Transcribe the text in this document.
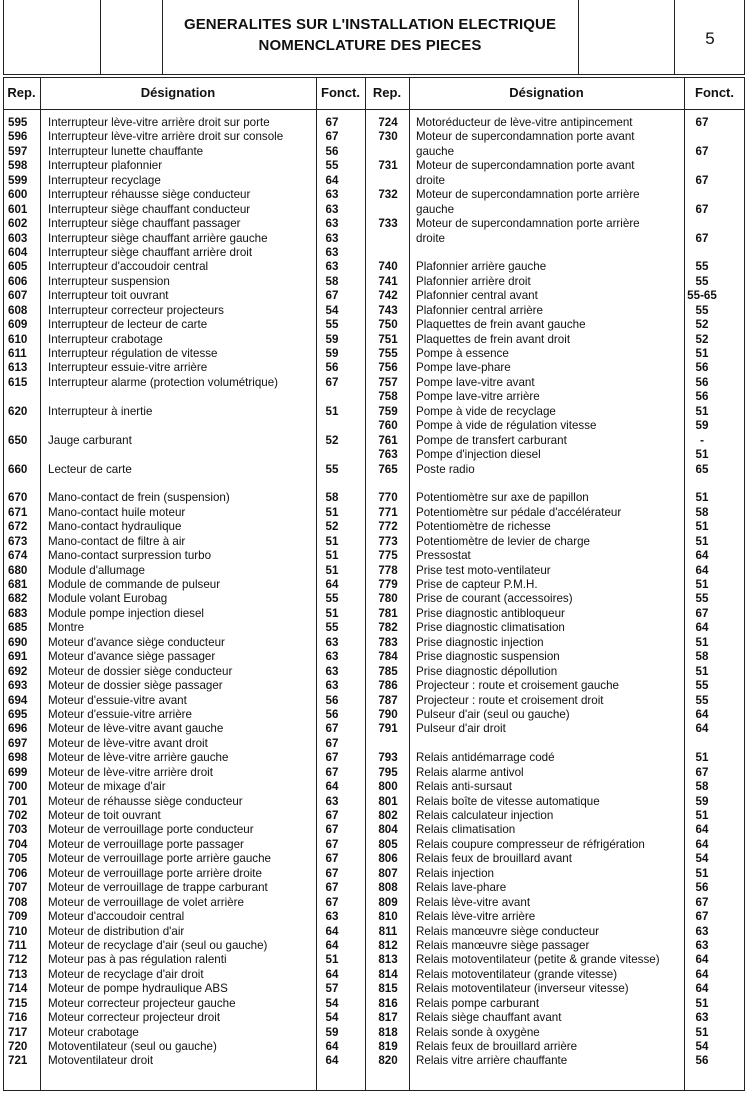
GENERALITES SUR L'INSTALLATION ELECTRIQUE
NOMENCLATURE DES PIECES	5
Rep.	Désignation	Fonct. Rep.	Désignation	Fonct.
595	Interrupteur lève-vitre arrière droit sur porte	67
596	Interrupteur lève-vitre arrière droit sur console	67
597	Interrupteur lunette chauffante	56
598	Interrupteur plafonnier	55
599	Interrupteur recyclage	64
600	Interrupteur réhausse siège conducteur	63
601	Interrupteur siège chauffant conducteur	63
602	Interrupteur siège chauffant passager	63
603	Interrupteur siège chauffant arrière gauche	63
604	Interrupteur siège chauffant arrière droit	63
605	Interrupteur d'accoudoir central	63
606	Interrupteur suspension	58
607	Interrupteur toit ouvrant	67
608	Interrupteur correcteur projecteurs	54
609	Interrupteur de lecteur de carte	55
610	Interrupteur crabotage	59
611	Interrupteur régulation de vitesse	59
613	Interrupteur essuie-vitre arrière	56
615	Interrupteur alarme (protection volumétrique)	67
620	Interrupteur à inertie	51
650	Jauge carburant	52
660	Lecteur de carte	55
670	Mano-contact de frein (suspension)	58
671	Mano-contact huile moteur	51
672	Mano-contact hydraulique	52
673	Mano-contact de filtre à air	51
674	Mano-contact surpression turbo	51
680	Module d'allumage	51
681	Module de commande de pulseur	64
682	Module volant Eurobag	55
683	Module pompe injection diesel	51
685	Montre	55
690	Moteur d'avance siège conducteur	63
691	Moteur d'avance siège passager	63
692	Moteur de dossier siège conducteur	63
693	Moteur de dossier siège passager	63
694	Moteur d'essuie-vitre avant	56
695	Moteur d'essuie-vitre arrière	56
696	Moteur de lève-vitre avant gauche	67
697	Moteur de lève-vitre avant droit	67
698	Moteur de lève-vitre arrière gauche	67
699	Moteur de lève-vitre arrière droit	67
700	Moteur de mixage d'air	64
701	Moteur de réhausse siège conducteur	63
702	Moteur de toit ouvrant	67
703	Moteur de verrouillage porte conducteur	67
704	Moteur de verrouillage porte passager	67
705	Moteur de verrouillage porte arrière gauche	67
706	Moteur de verrouillage porte arrière droite	67
707	Moteur de verrouillage de trappe carburant	67
708	Moteur de verrouillage de volet arrière	67
709	Moteur d'accoudoir central	63
710	Moteur de distribution d'air	64
711	Moteur de recyclage d'air (seul ou gauche)	64
712	Moteur pas à pas régulation ralenti	51
713	Moteur de recyclage d'air droit	64
714	Moteur de pompe hydraulique ABS	57
715	Moteur correcteur projecteur gauche	54
716	Moteur correcteur projecteur droit	54
717	Moteur crabotage	59
720	Motoventilateur (seul ou gauche)	64
721	Motoventilateur droit	64
724	Motoréducteur de lève-vitre antipincement	67
730	Moteur de supercondamnation porte avant
gauche	67
731	Moteur de supercondamnation porte avant
droite	67
732	Moteur de supercondamnation porte arrière
gauche	67
733	Moteur de supercondamnation porte arrière
droite	67
740	Plafonnier arrière gauche	55
741	Plafonnier arrière droit	55
742	Plafonnier central avant	55-65
743	Plafonnier central arrière	55
750	Plaquettes de frein avant gauche	52
751	Plaquettes de frein avant droit	52
755	Pompe à essence	51
756	Pompe lave-phare	56
757	Pompe lave-vitre avant	56
758	Pompe lave-vitre arrière	56
759	Pompe à vide de recyclage	51
760	Pompe à vide de régulation vitesse	59
761	Pompe de transfert carburant	-
763	Pompe d'injection diesel	51
765	Poste radio	65
770	Potentiomètre sur axe de papillon	51
771	Potentiomètre sur pédale d'accélérateur	58
772	Potentiomètre de richesse	51
773	Potentiomètre de levier de charge	51
775	Pressostat	64
778	Prise test moto-ventilateur	64
779	Prise de capteur P.M.H.	51
780	Prise de courant (accessoires)	55
781	Prise diagnostic antibloqueur	67
782	Prise diagnostic climatisation	64
783	Prise diagnostic injection	51
784	Prise diagnostic suspension	58
785	Prise diagnostic dépollution	51
786	Projecteur : route et croisement gauche	55
787	Projecteur : route et croisement droit	55
790	Pulseur d'air (seul ou gauche)	64
791	Pulseur d'air droit	64
793	Relais antidémarrage codé	51
795	Relais alarme antivol	67
800	Relais anti-sursaut	58
801	Relais boîte de vitesse automatique	59
802	Relais calculateur injection	51
804	Relais climatisation	64
805	Relais coupure compresseur de réfrigération	64
806	Relais feux de brouillard avant	54
807	Relais injection	51
808	Relais lave-phare	56
809	Relais lève-vitre avant	67
810	Relais lève-vitre arrière	67
811	Relais manœuvre siège conducteur	63
812	Relais manœuvre siège passager	63
813	Relais motoventilateur (petite & grande vitesse)	64
814	Relais motoventilateur (grande vitesse)	64
815	Relais motoventilateur (inverseur vitesse)	64
816	Relais pompe carburant	51
817	Relais siège chauffant avant	63
818	Relais sonde à oxygène	51
819	Relais feux de brouillard arrière	54
820	Relais vitre arrière chauffante	56
